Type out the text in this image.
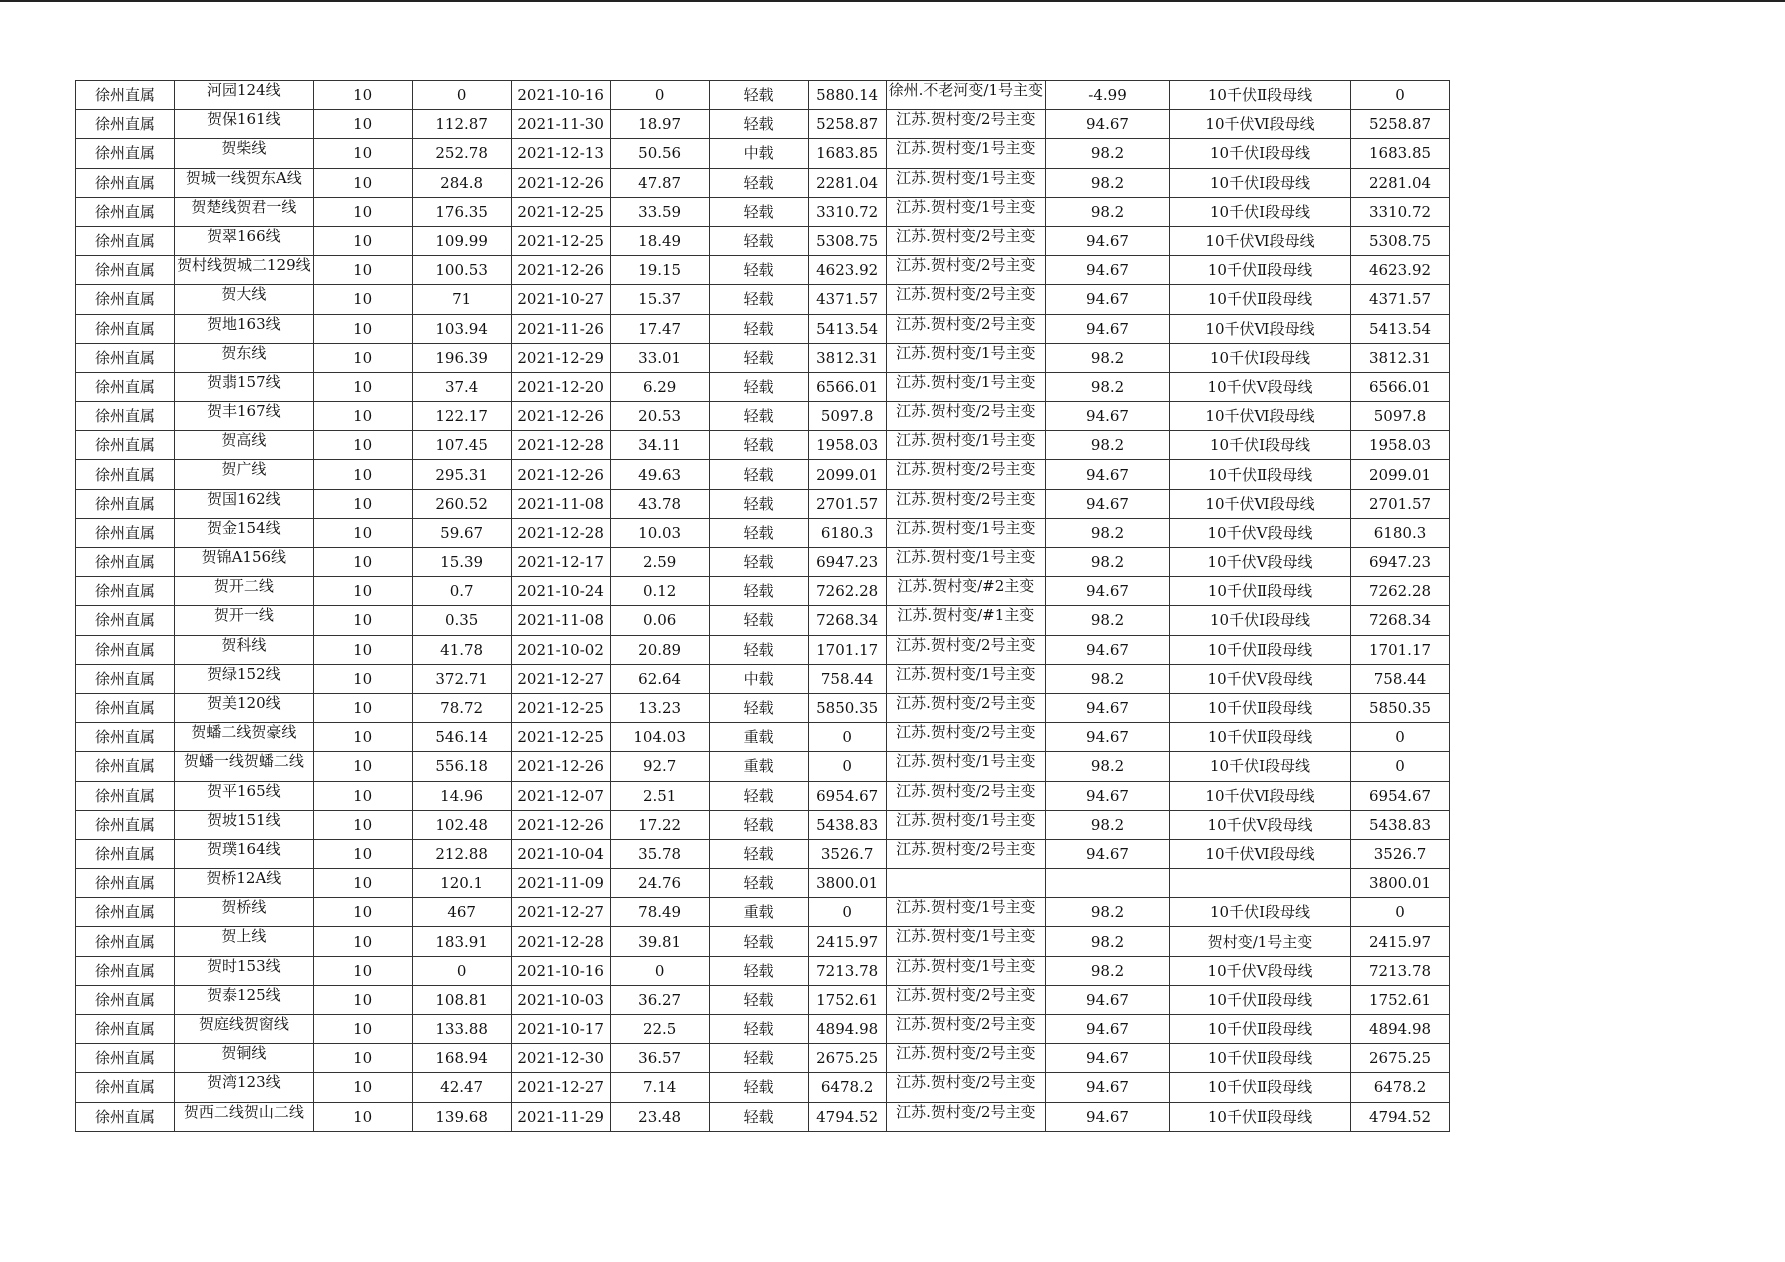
徐州直属	河园124线	10	0	2021-10-16	0	轻载	5880.14	徐州.不老河变/1号主变	-4.99	10千伏Ⅱ段母线	0
徐州直属	贺保161线	10	112.87	2021-11-30	18.97	轻载	5258.87	江苏.贺村变/2号主变	94.67	10千伏Ⅵ段母线	5258.87
徐州直属	贺柴线	10	252.78	2021-12-13	50.56	中载	1683.85	江苏.贺村变/1号主变	98.2	10千伏Ⅰ段母线	1683.85
徐州直属	贺城一线贺东A线	10	284.8	2021-12-26	47.87	轻载	2281.04	江苏.贺村变/1号主变	98.2	10千伏Ⅰ段母线	2281.04
徐州直属	贺楚线贺君一线	10	176.35	2021-12-25	33.59	轻载	3310.72	江苏.贺村变/1号主变	98.2	10千伏Ⅰ段母线	3310.72
徐州直属	贺翠166线	10	109.99	2021-12-25	18.49	轻载	5308.75	江苏.贺村变/2号主变	94.67	10千伏Ⅵ段母线	5308.75
徐州直属	贺村线贺城二129线	10	100.53	2021-12-26	19.15	轻载	4623.92	江苏.贺村变/2号主变	94.67	10千伏Ⅱ段母线	4623.92
徐州直属	贺大线	10	71	2021-10-27	15.37	轻载	4371.57	江苏.贺村变/2号主变	94.67	10千伏Ⅱ段母线	4371.57
徐州直属	贺地163线	10	103.94	2021-11-26	17.47	轻载	5413.54	江苏.贺村变/2号主变	94.67	10千伏Ⅵ段母线	5413.54
徐州直属	贺东线	10	196.39	2021-12-29	33.01	轻载	3812.31	江苏.贺村变/1号主变	98.2	10千伏Ⅰ段母线	3812.31
徐州直属	贺翡157线	10	37.4	2021-12-20	6.29	轻载	6566.01	江苏.贺村变/1号主变	98.2	10千伏Ⅴ段母线	6566.01
徐州直属	贺丰167线	10	122.17	2021-12-26	20.53	轻载	5097.8	江苏.贺村变/2号主变	94.67	10千伏Ⅵ段母线	5097.8
徐州直属	贺高线	10	107.45	2021-12-28	34.11	轻载	1958.03	江苏.贺村变/1号主变	98.2	10千伏Ⅰ段母线	1958.03
徐州直属	贺广线	10	295.31	2021-12-26	49.63	轻载	2099.01	江苏.贺村变/2号主变	94.67	10千伏Ⅱ段母线	2099.01
徐州直属	贺国162线	10	260.52	2021-11-08	43.78	轻载	2701.57	江苏.贺村变/2号主变	94.67	10千伏Ⅵ段母线	2701.57
徐州直属	贺金154线	10	59.67	2021-12-28	10.03	轻载	6180.3	江苏.贺村变/1号主变	98.2	10千伏Ⅴ段母线	6180.3
徐州直属	贺锦A156线	10	15.39	2021-12-17	2.59	轻载	6947.23	江苏.贺村变/1号主变	98.2	10千伏Ⅴ段母线	6947.23
徐州直属	贺开二线	10	0.7	2021-10-24	0.12	轻载	7262.28	江苏.贺村变/#2主变	94.67	10千伏Ⅱ段母线	7262.28
徐州直属	贺开一线	10	0.35	2021-11-08	0.06	轻载	7268.34	江苏.贺村变/#1主变	98.2	10千伏Ⅰ段母线	7268.34
徐州直属	贺科线	10	41.78	2021-10-02	20.89	轻载	1701.17	江苏.贺村变/2号主变	94.67	10千伏Ⅱ段母线	1701.17
徐州直属	贺绿152线	10	372.71	2021-12-27	62.64	中载	758.44	江苏.贺村变/1号主变	98.2	10千伏Ⅴ段母线	758.44
徐州直属	贺美120线	10	78.72	2021-12-25	13.23	轻载	5850.35	江苏.贺村变/2号主变	94.67	10千伏Ⅱ段母线	5850.35
徐州直属	贺蟠二线贺豪线	10	546.14	2021-12-25	104.03	重载	0	江苏.贺村变/2号主变	94.67	10千伏Ⅱ段母线	0
徐州直属	贺蟠一线贺蟠二线	10	556.18	2021-12-26	92.7	重载	0	江苏.贺村变/1号主变	98.2	10千伏Ⅰ段母线	0
徐州直属	贺平165线	10	14.96	2021-12-07	2.51	轻载	6954.67	江苏.贺村变/2号主变	94.67	10千伏Ⅵ段母线	6954.67
徐州直属	贺坡151线	10	102.48	2021-12-26	17.22	轻载	5438.83	江苏.贺村变/1号主变	98.2	10千伏Ⅴ段母线	5438.83
徐州直属	贺璞164线	10	212.88	2021-10-04	35.78	轻载	3526.7	江苏.贺村变/2号主变	94.67	10千伏Ⅵ段母线	3526.7
徐州直属	贺桥12A线	10	120.1	2021-11-09	24.76	轻载	3800.01				3800.01
徐州直属	贺桥线	10	467	2021-12-27	78.49	重载	0	江苏.贺村变/1号主变	98.2	10千伏Ⅰ段母线	0
徐州直属	贺上线	10	183.91	2021-12-28	39.81	轻载	2415.97	江苏.贺村变/1号主变	98.2	贺村变/1号主变	2415.97
徐州直属	贺时153线	10	0	2021-10-16	0	轻载	7213.78	江苏.贺村变/1号主变	98.2	10千伏Ⅴ段母线	7213.78
徐州直属	贺泰125线	10	108.81	2021-10-03	36.27	轻载	1752.61	江苏.贺村变/2号主变	94.67	10千伏Ⅱ段母线	1752.61
徐州直属	贺庭线贺窗线	10	133.88	2021-10-17	22.5	轻载	4894.98	江苏.贺村变/2号主变	94.67	10千伏Ⅱ段母线	4894.98
徐州直属	贺铜线	10	168.94	2021-12-30	36.57	轻载	2675.25	江苏.贺村变/2号主变	94.67	10千伏Ⅱ段母线	2675.25
徐州直属	贺湾123线	10	42.47	2021-12-27	7.14	轻载	6478.2	江苏.贺村变/2号主变	94.67	10千伏Ⅱ段母线	6478.2
徐州直属	贺西二线贺山二线	10	139.68	2021-11-29	23.48	轻载	4794.52	江苏.贺村变/2号主变	94.67	10千伏Ⅱ段母线	4794.52
